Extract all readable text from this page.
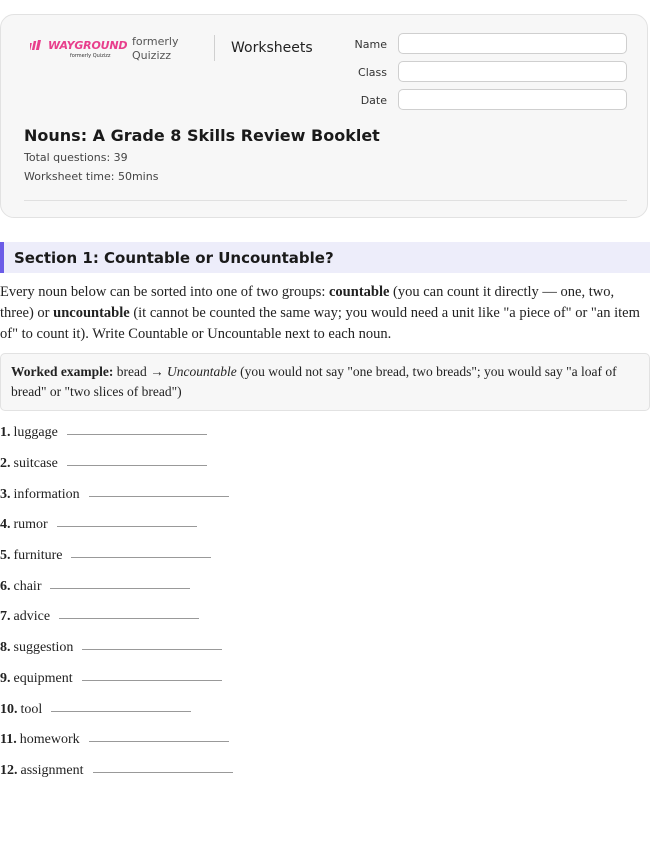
WAYGROUND
formerly Quizizz
formerly
Quizizz	Worksheets	Name
Class
Date
Nouns: A Grade 8 Skills Review Booklet
Total questions: 39
Worksheet time: 50mins
Section 1: Countable or Uncountable?
Every noun below can be sorted into one of two groups: countable (you can count it directly — one, two, three) or uncountable (it cannot be counted the same way; you would need a unit like "a piece of" or "an item of" to count it). Write Countable or Uncountable next to each noun.
Worked example: bread → Uncountable (you would not say "one bread, two breads"; you would say "a loaf of bread" or "two slices of bread")
1. luggage
2. suitcase
3. information
4. rumor
5. furniture
6. chair
7. advice
8. suggestion
9. equipment
10. tool
11. homework
12. assignment
